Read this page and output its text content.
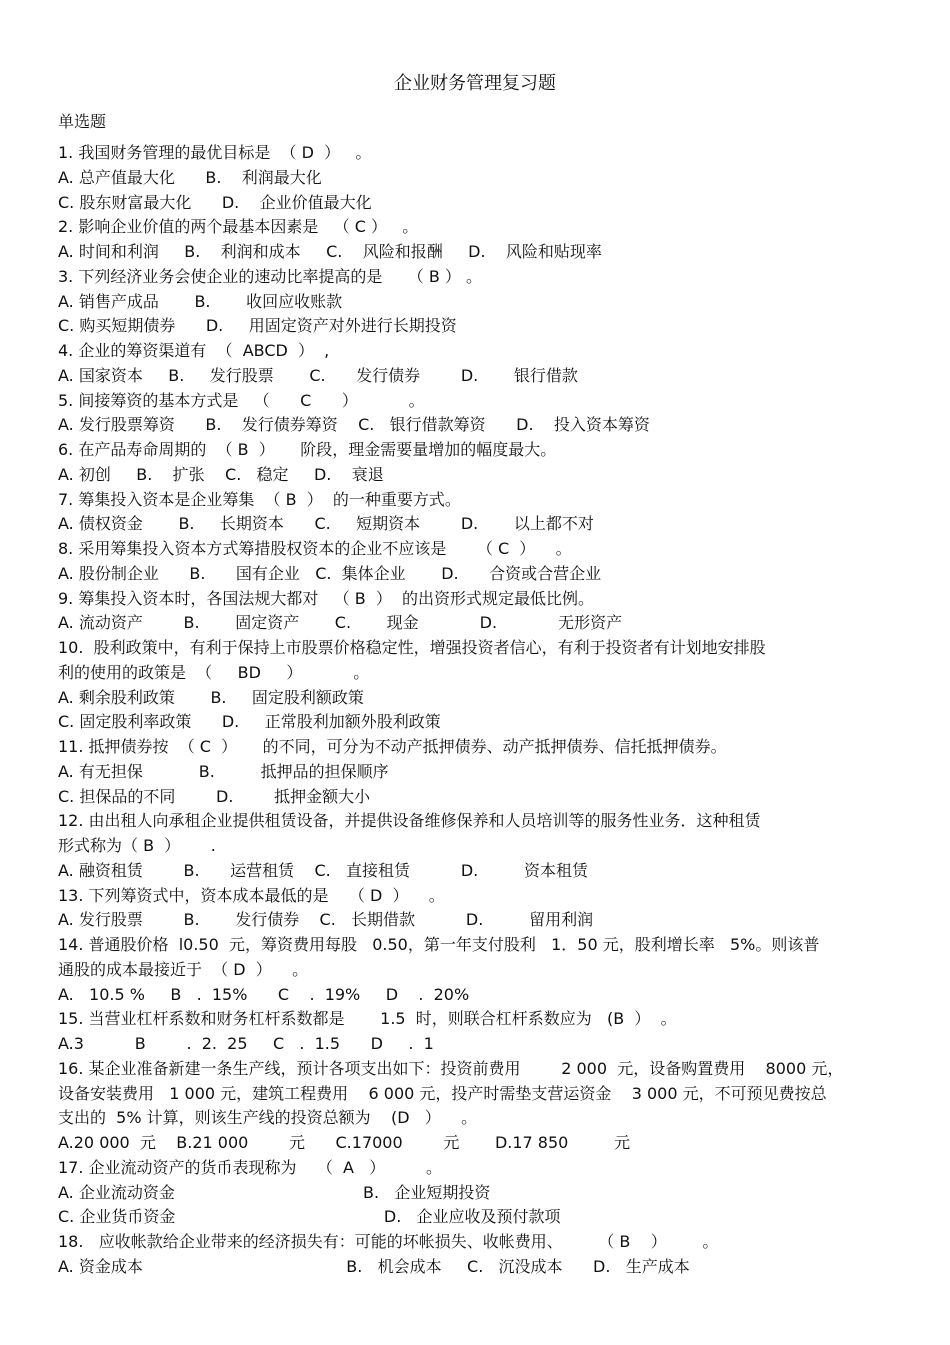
企业财务管理复习题
单选题
1. 我国财务管理的最优目标是  （ D  ）   。
A. 总产值最大化      B.    利润最大化
C. 股东财富最大化      D.    企业价值最大化
2. 影响企业价值的两个最基本因素是   （ C ）   。
A. 时间和利润     B.    利润和成本     C.    风险和报酬     D.    风险和贴现率
3. 下列经济业务会使企业的速动比率提高的是     （ B ） 。
A. 销售产成品       B.       收回应收账款
C. 购买短期债券      D.     用固定资产对外进行长期投资
4. 企业的筹资渠道有  （  ABCD  ）  ,
A. 国家资本     B.     发行股票       C.      发行债券        D.       银行借款
5. 间接筹资的基本方式是   （      C      ）          。
A. 发行股票筹资      B.    发行债券筹资    C.   银行借款筹资      D.    投入资本筹资
6. 在产品寿命周期的  （ B  ）     阶段，理金需要量增加的幅度最大。
A. 初创     B.    扩张    C.   稳定     D.    衰退
7. 筹集投入资本是企业筹集  （ B  ）  的一种重要方式。
A. 债权资金       B.     长期资本      C.     短期资本        D.       以上都不对
8. 采用筹集投入资本方式筹措股权资本的企业不应该是      （ C  ）    。
A. 股份制企业      B.      国有企业   C.  集体企业       D.      合资或合营企业
9. 筹集投入资本时，各国法规大都对   （ B  ）  的出资形式规定最低比例。
A. 流动资产        B.       固定资产       C.       现金            D.            无形资产
10.  股利政策中，有利于保持上市股票价格稳定性，增强投资者信心，有利于投资者有计划地安排股
利的使用的政策是  （     BD     ）          。
A. 剩余股利政策       B.     固定股利额政策
C. 固定股利率政策      D.     正常股利加额外股利政策
11. 抵押债券按  （ C  ）     的不同，可分为不动产抵押债券、动产抵押债券、信托抵押债券。
A. 有无担保           B.         抵押品的担保顺序
C. 担保品的不同        D.        抵押金额大小
12. 由出租人向承租企业提供租赁设备，并提供设备维修保养和人员培训等的服务性业务．这种租赁
形式称为（ B  ）      .
A. 融资租赁        B.      运营租赁    C.   直接租赁          D.         资本租赁
13. 下列筹资式中，资本成本最低的是    （ D  ）    。
A. 发行股票        B.       发行债券    C.   长期借款          D.         留用利润
14. 普通股价格  l0.50  元，筹资费用每股   0.50，第一年支付股利   1．50 元，股利增长率   5%。则该普
通股的成本最接近于  （ D  ）    。
A.   10.5 %     B   .  15%      C    .  19%     D    .  20%
15. 当营业杠杆系数和财务杠杆系数都是       1.5  时，则联合杠杆系数应为   (B  ）  。
A.3          B        .  2.  25     C   .  1.5      D     .  1
16. 某企业准备新建一条生产线，预计各项支出如下：投资前费用        2 000  元，设备购置费用    8000 元，
设备安装费用   1 000 元，建筑工程费用    6 000 元，投产时需垫支营运资金    3 000 元，不可预见费按总
支出的  5% 计算，则该生产线的投资总额为    (D   ）    。
A.20 000  元    B.21 000        元      C.17000        元       D.17 850         元
17. 企业流动资产的货币表现称为    （  A   ）        。
A. 企业流动资金                                     B.   企业短期投资
C. 企业货币资金                                         D.   企业应收及预付款项
18.   应收帐款给企业带来的经济损失有：可能的坏帐损失、收帐费用、       （ B    ）       。
A. 资金成本                                        B.   机会成本     C.   沉没成本      D.   生产成本
